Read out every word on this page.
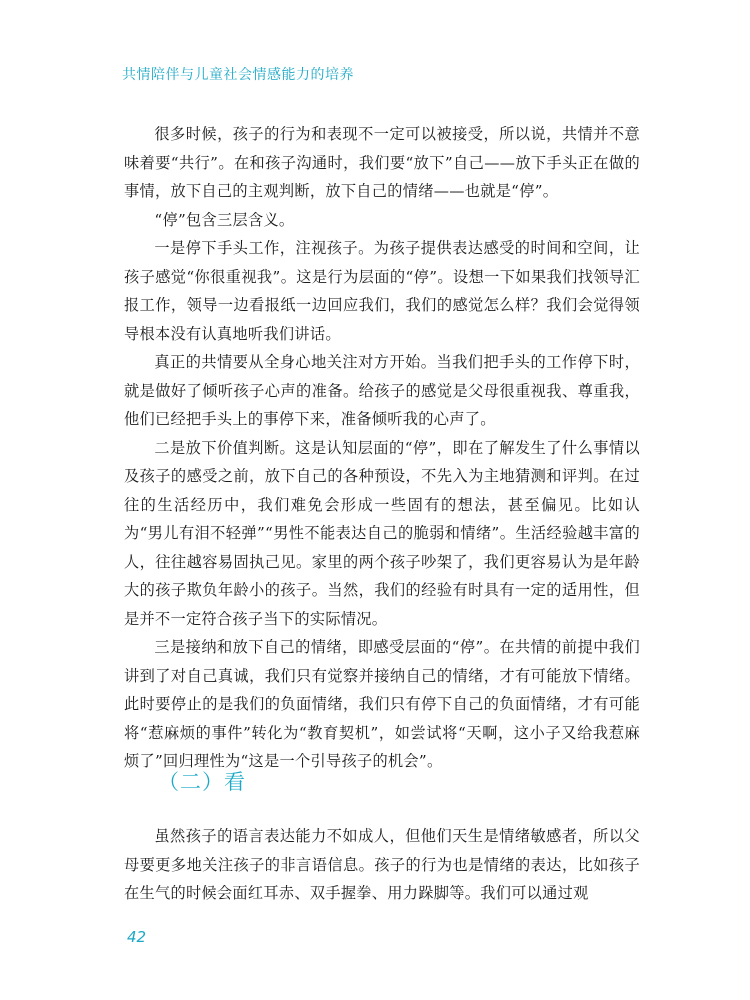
共情陪伴与儿童社会情感能力的培养

很多时候，孩子的行为和表现不一定可以被接受，所以说，共情并不意味着要“共行”。在和孩子沟通时，我们要“放下”自己——放下手头正在做的事情，放下自己的主观判断，放下自己的情绪——也就是“停”。

“停”包含三层含义。

一是停下手头工作，注视孩子。为孩子提供表达感受的时间和空间，让孩子感觉“你很重视我”。这是行为层面的“停”。设想一下如果我们找领导汇报工作，领导一边看报纸一边回应我们，我们的感觉怎么样？我们会觉得领导根本没有认真地听我们讲话。

真正的共情要从全身心地关注对方开始。当我们把手头的工作停下时，就是做好了倾听孩子心声的准备。给孩子的感觉是父母很重视我、尊重我，他们已经把手头上的事停下来，准备倾听我的心声了。

二是放下价值判断。这是认知层面的“停”，即在了解发生了什么事情以及孩子的感受之前，放下自己的各种预设，不先入为主地猜测和评判。在过往的生活经历中，我们难免会形成一些固有的想法，甚至偏见。比如认为“男儿有泪不轻弹”“男性不能表达自己的脆弱和情绪”。生活经验越丰富的人，往往越容易固执己见。家里的两个孩子吵架了，我们更容易认为是年龄大的孩子欺负年龄小的孩子。当然，我们的经验有时具有一定的适用性，但是并不一定符合孩子当下的实际情况。

三是接纳和放下自己的情绪，即感受层面的“停”。在共情的前提中我们讲到了对自己真诚，我们只有觉察并接纳自己的情绪，才有可能放下情绪。此时要停止的是我们的负面情绪，我们只有停下自己的负面情绪，才有可能将“惹麻烦的事件”转化为“教育契机”，如尝试将“天啊，这小子又给我惹麻烦了”回归理性为“这是一个引导孩子的机会”。

（二）看

虽然孩子的语言表达能力不如成人，但他们天生是情绪敏感者，所以父母要更多地关注孩子的非言语信息。孩子的行为也是情绪的表达，比如孩子在生气的时候会面红耳赤、双手握拳、用力跺脚等。我们可以通过观

42
